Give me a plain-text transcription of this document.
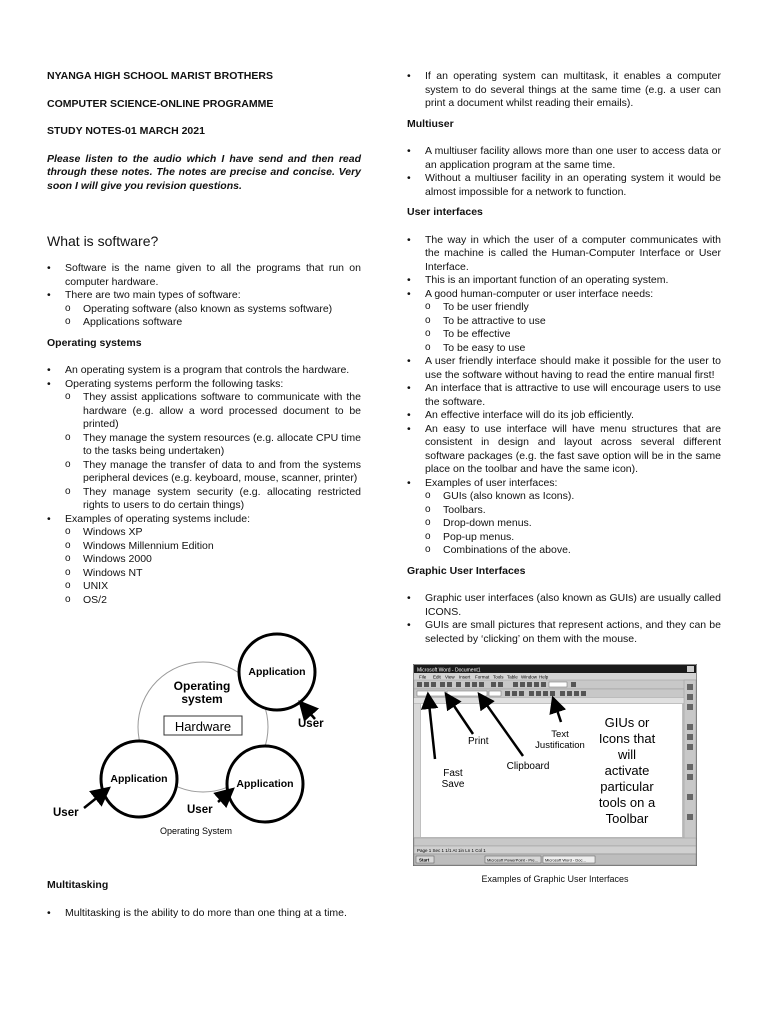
NYANGA HIGH SCHOOL MARIST BROTHERS

COMPUTER SCIENCE-ONLINE PROGRAMME

STUDY NOTES-01 MARCH 2021

Please listen to the audio which I have send and then read through these notes. The notes are precise and concise. Very soon I will give you revision questions.

What is software?
• Software is the name given to all the programs that run on computer hardware.
• There are two main types of software:
o Operating software (also known as systems software)
o Applications software
Operating systems
• An operating system is a program that controls the hardware.
• Operating systems perform the following tasks:
o They assist applications software to communicate with the hardware (e.g. allow a word processed document to be printed)
o They manage the system resources (e.g. allocate CPU time to the tasks being undertaken)
o They manage the transfer of data to and from the systems peripheral devices (e.g. keyboard, mouse, scanner, printer)
o They manage system security (e.g. allocating restricted rights to users to do certain things)
• Examples of operating systems include:
o Windows XP
o Windows Millennium Edition
o Windows 2000
o Windows NT
o UNIX
o OS/2
Operating
system
Hardware
Application
Application	Application
User
User	User
Operating System
Multitasking
• Multitasking is the ability to do more than one thing at a time.
• If an operating system can multitask, it enables a computer system to do several things at the same time (e.g. a user can print a document whilst reading their emails).
Multiuser
• A multiuser facility allows more than one user to access data or an application program at the same time.
• Without a multiuser facility in an operating system it would be almost impossible for a network to function.
User interfaces
• The way in which the user of a computer communicates with the machine is called the Human-Computer Interface or User Interface.
• This is an important function of an operating system.
• A good human-computer or user interface needs:
o To be user friendly
o To be attractive to use
o To be effective
o To be easy to use
• A user friendly interface should make it possible for the user to use the software without having to read the entire manual first!
• An interface that is attractive to use will encourage users to use the software.
• An effective interface will do its job efficiently.
• An easy to use interface will have menu structures that are consistent in design and layout across several different software packages (e.g. the fast save option will be in the same place on the toolbar and have the same icon).
• Examples of user interfaces:
o GUIs (also known as Icons).
o Toolbars.
o Drop-down menus.
o Pop-up menus.
o Combinations of the above.
Graphic User Interfaces
• Graphic user interfaces (also known as GUIs) are usually called ICONS.
• GUIs are small pictures that represent actions, and they can be selected by ‘clicking’ on them with the mouse.
Microsoft Word - Document1
File Edit View Insert Format Tools Table Window Help
Print
Text
Justification
Fast
Save
Clipboard
GIUs or
Icons that
will
activate
particular
tools on a
Toolbar
Page 1 Sec 1 1/1 At 1in Ln 1 Col 1
Start	Microsoft PowerPoint - Pre... Microsoft Word - Doc...
Examples of Graphic User Interfaces
